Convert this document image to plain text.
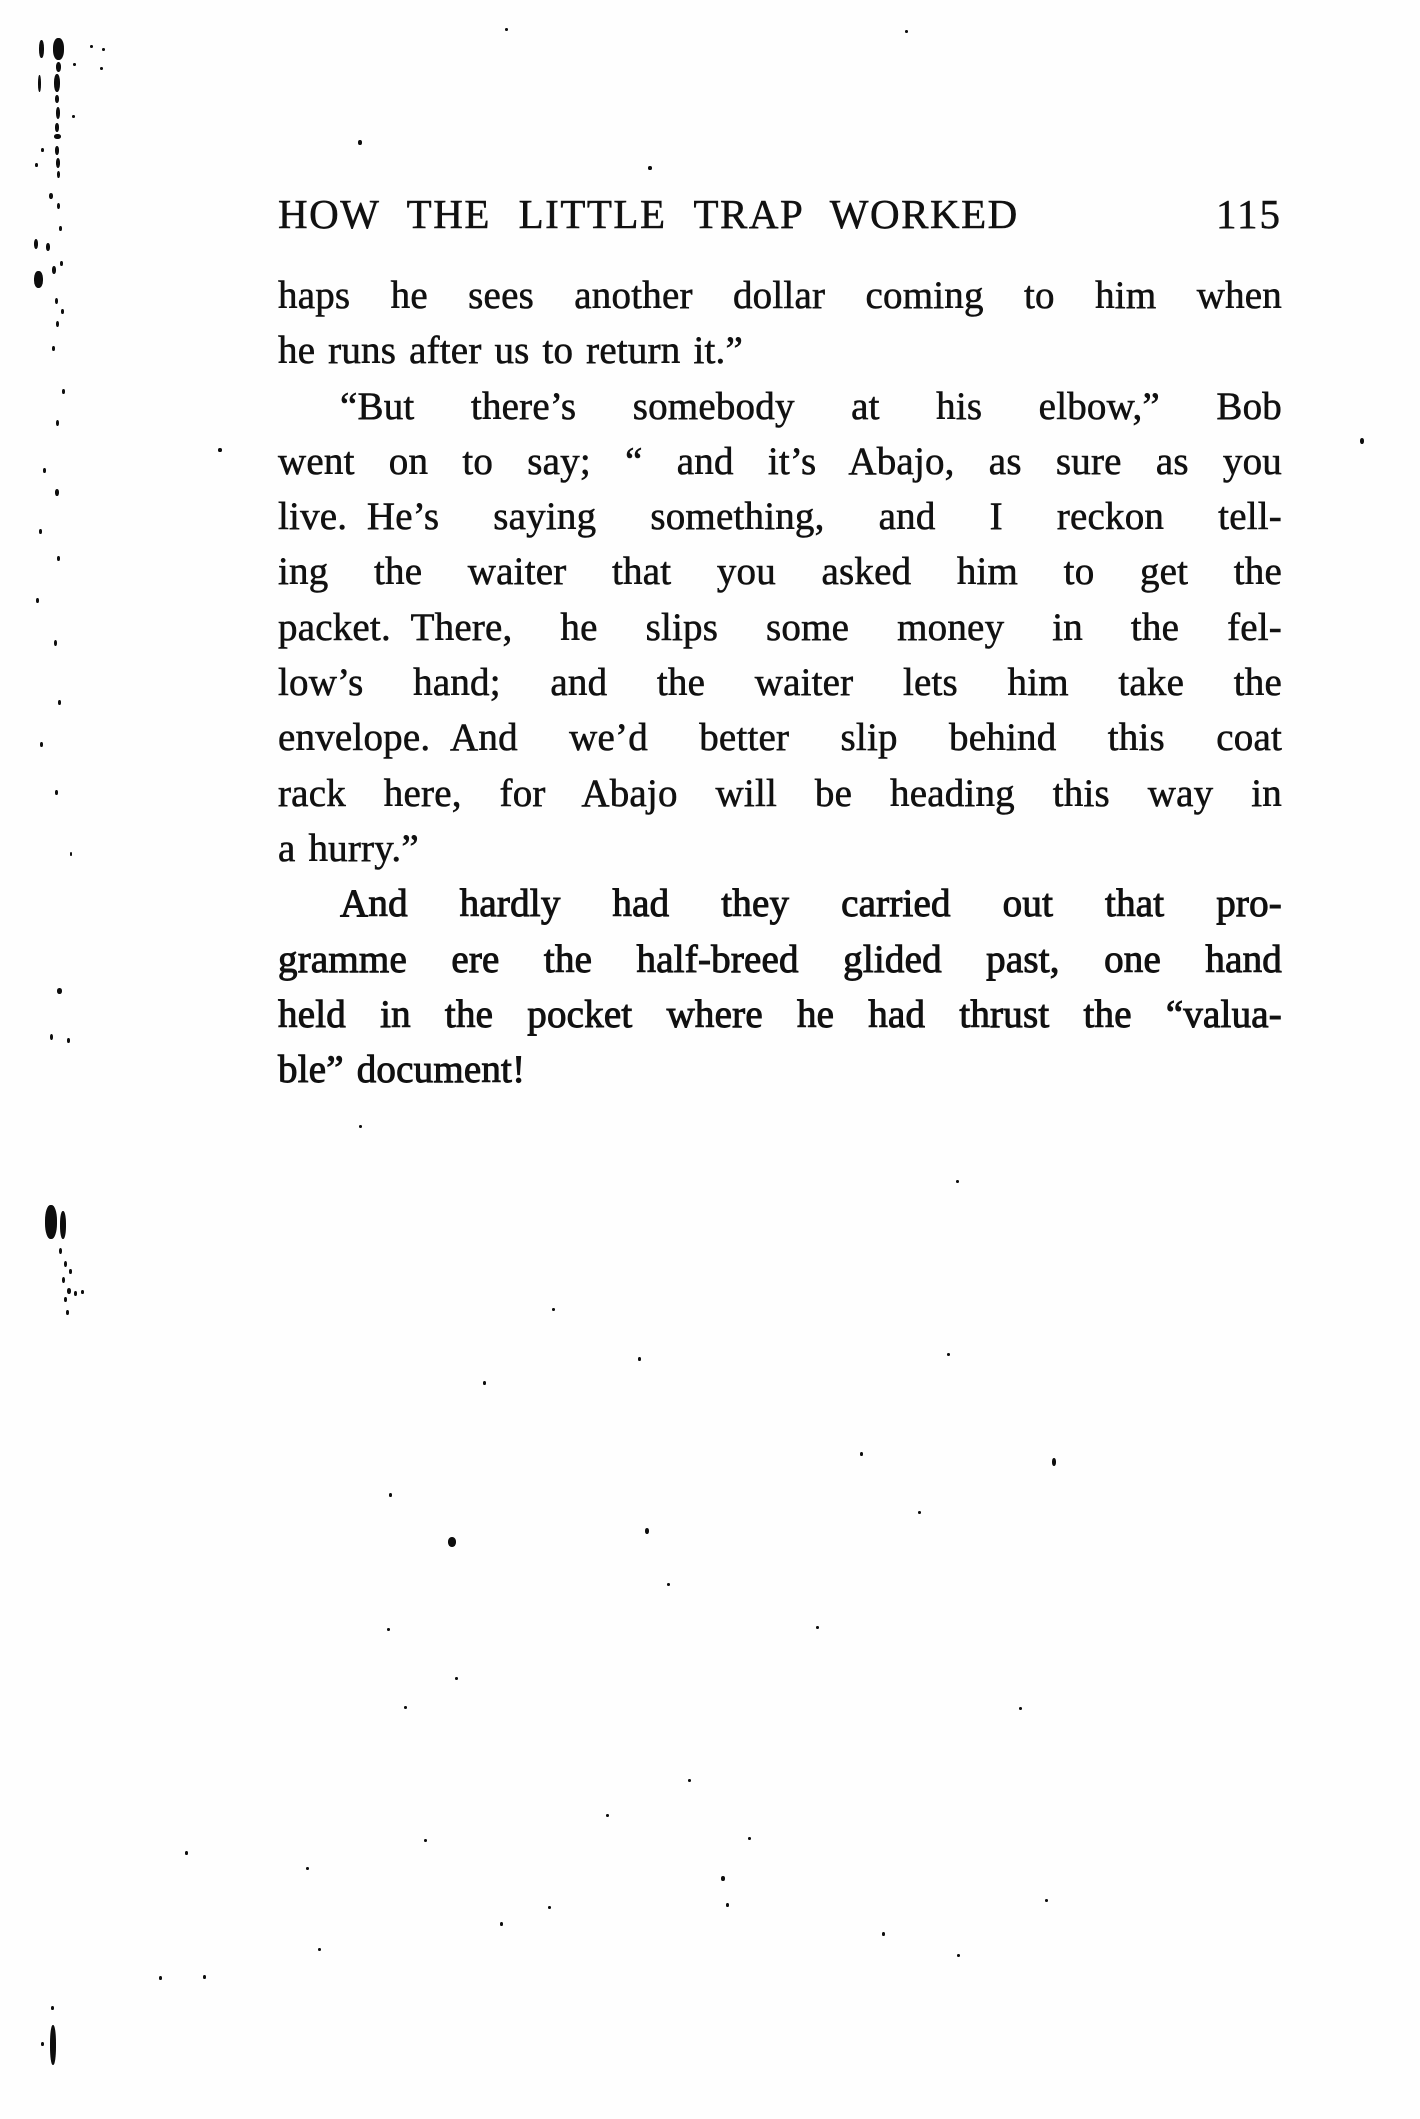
HOW THE LITTLE TRAP WORKED	115
haps he sees another dollar coming to him when
he runs after us to return it.”
“But there’s somebody at his elbow,” Bob
went on to say; “ and it’s Abajo, as sure as you
live. He’s saying something, and I reckon tell-
ing the waiter that you asked him to get the
packet. There, he slips some money in the fel-
low’s hand; and the waiter lets him take the
envelope. And we’d better slip behind this coat
rack here, for Abajo will be heading this way in
a hurry.”
And hardly had they carried out that pro-
gramme ere the half-breed glided past, one hand
held in the pocket where he had thrust the “valua-
ble” document!
